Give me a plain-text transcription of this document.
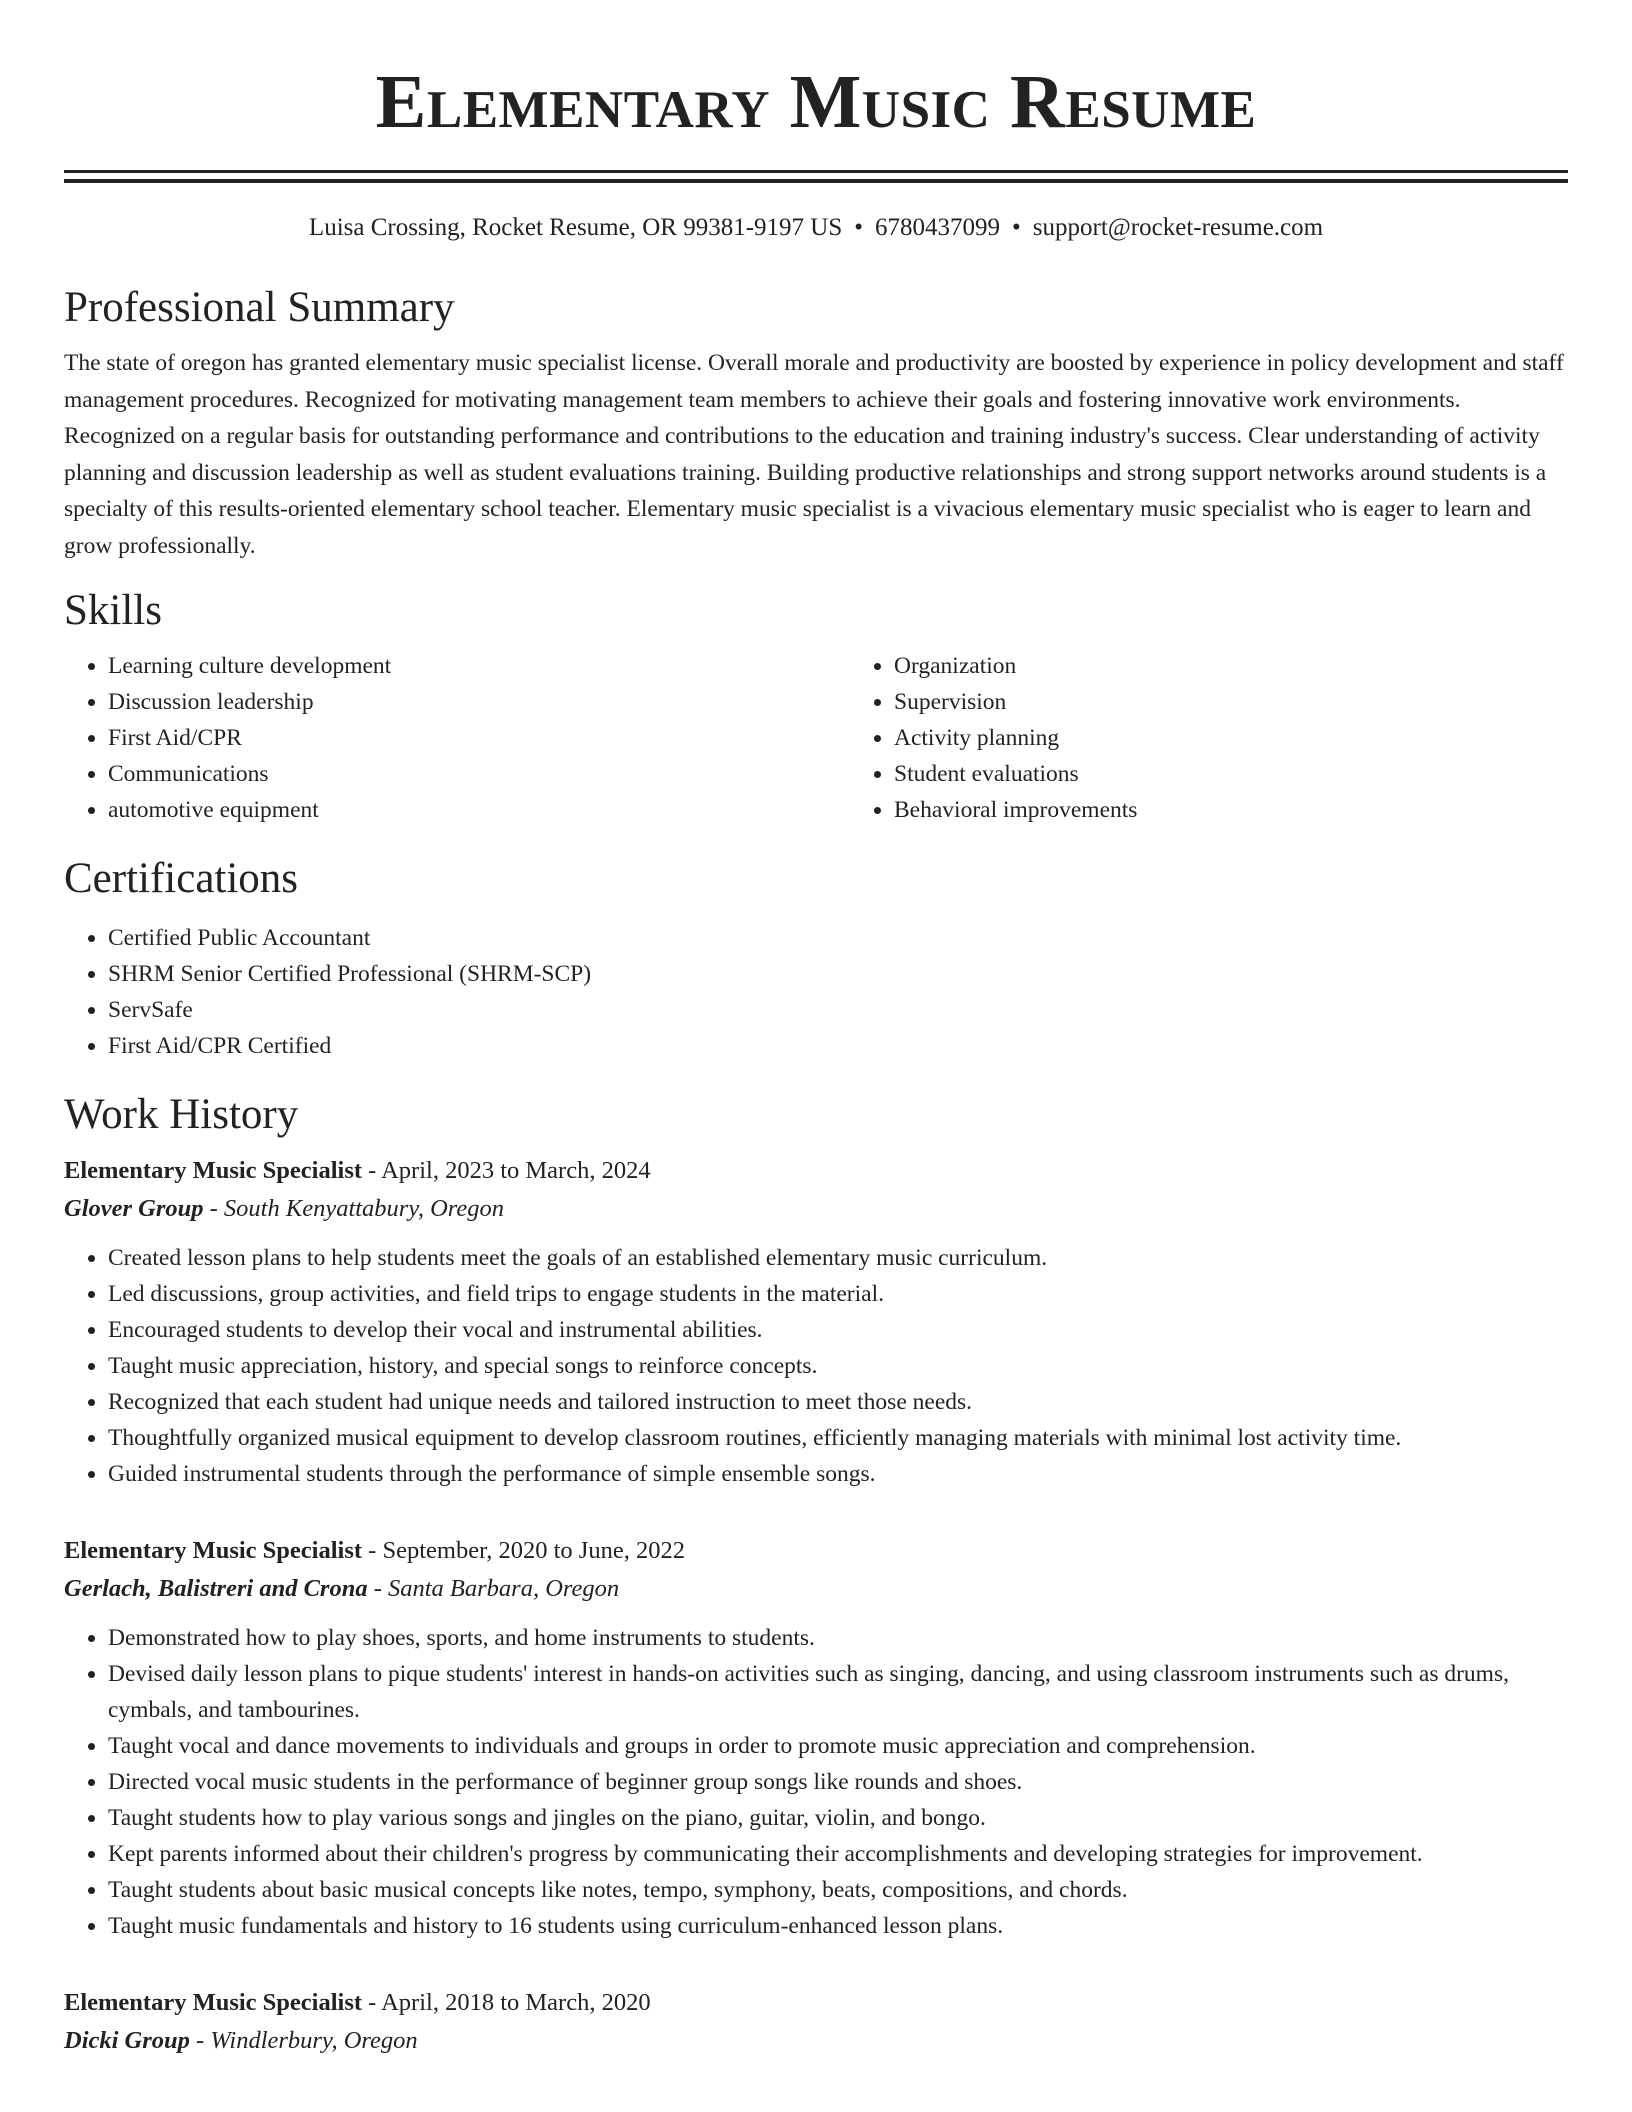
Elementary Music Resume
Luisa Crossing, Rocket Resume, OR 99381-9197 US • 6780437099 • support@rocket-resume.com
Professional Summary

The state of oregon has granted elementary music specialist license. Overall morale and productivity are boosted by experience in policy development and staff management procedures. Recognized for motivating management team members to achieve their goals and fostering innovative work environments. Recognized on a regular basis for outstanding performance and contributions to the education and training industry's success. Clear understanding of activity planning and discussion leadership as well as student evaluations training. Building productive relationships and strong support networks around students is a specialty of this results-oriented elementary school teacher. Elementary music specialist is a vivacious elementary music specialist who is eager to learn and grow professionally.

Skills
• Learning culture development
• Discussion leadership
• First Aid/CPR
• Communications
• automotive equipment
• Organization
• Supervision
• Activity planning
• Student evaluations
• Behavioral improvements
Certifications
• Certified Public Accountant
• SHRM Senior Certified Professional (SHRM-SCP)
• ServSafe
• First Aid/CPR Certified
Work History
Elementary Music Specialist - April, 2023 to March, 2024
Glover Group - South Kenyattabury, Oregon
• Created lesson plans to help students meet the goals of an established elementary music curriculum.
• Led discussions, group activities, and field trips to engage students in the material.
• Encouraged students to develop their vocal and instrumental abilities.
• Taught music appreciation, history, and special songs to reinforce concepts.
• Recognized that each student had unique needs and tailored instruction to meet those needs.
• Thoughtfully organized musical equipment to develop classroom routines, efficiently managing materials with minimal lost activity time.
• Guided instrumental students through the performance of simple ensemble songs.
Elementary Music Specialist - September, 2020 to June, 2022
Gerlach, Balistreri and Crona - Santa Barbara, Oregon
• Demonstrated how to play shoes, sports, and home instruments to students.
• Devised daily lesson plans to pique students' interest in hands-on activities such as singing, dancing, and using classroom instruments such as drums, cymbals, and tambourines.
• Taught vocal and dance movements to individuals and groups in order to promote music appreciation and comprehension.
• Directed vocal music students in the performance of beginner group songs like rounds and shoes.
• Taught students how to play various songs and jingles on the piano, guitar, violin, and bongo.
• Kept parents informed about their children's progress by communicating their accomplishments and developing strategies for improvement.
• Taught students about basic musical concepts like notes, tempo, symphony, beats, compositions, and chords.
• Taught music fundamentals and history to 16 students using curriculum-enhanced lesson plans.
Elementary Music Specialist - April, 2018 to March, 2020
Dicki Group - Windlerbury, Oregon
